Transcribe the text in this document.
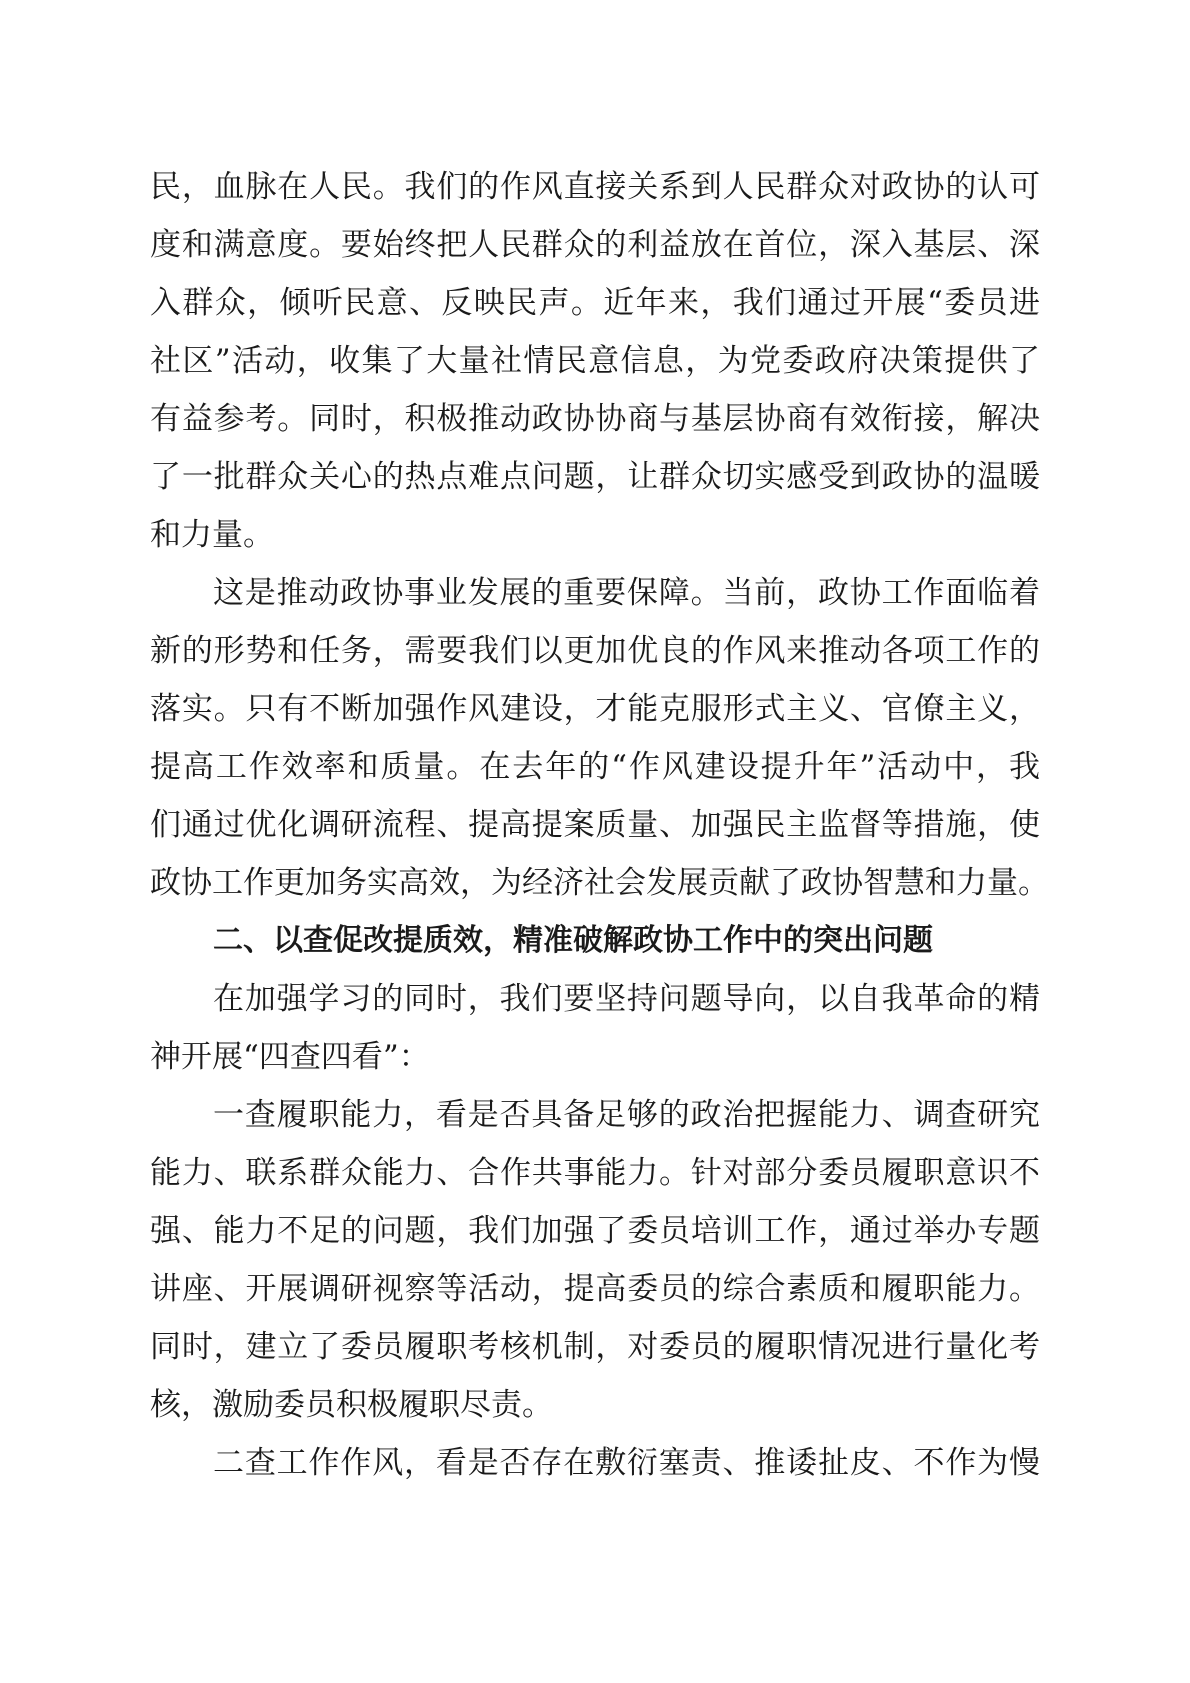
民，血脉在人民。我们的作风直接关系到人民群众对政协的认可
度和满意度。要始终把人民群众的利益放在首位，深入基层、深
入群众，倾听民意、反映民声。近年来，我们通过开展“委员进
社区”活动，收集了大量社情民意信息，为党委政府决策提供了
有益参考。同时，积极推动政协协商与基层协商有效衔接，解决
了一批群众关心的热点难点问题，让群众切实感受到政协的温暖
和力量。
这是推动政协事业发展的重要保障。当前，政协工作面临着
新的形势和任务，需要我们以更加优良的作风来推动各项工作的
落实。只有不断加强作风建设，才能克服形式主义、官僚主义，
提高工作效率和质量。在去年的“作风建设提升年”活动中，我
们通过优化调研流程、提高提案质量、加强民主监督等措施，使
政协工作更加务实高效，为经济社会发展贡献了政协智慧和力量。
二、以查促改提质效，精准破解政协工作中的突出问题
在加强学习的同时，我们要坚持问题导向，以自我革命的精
神开展“四查四看”：
一查履职能力，看是否具备足够的政治把握能力、调查研究
能力、联系群众能力、合作共事能力。针对部分委员履职意识不
强、能力不足的问题，我们加强了委员培训工作，通过举办专题
讲座、开展调研视察等活动，提高委员的综合素质和履职能力。
同时，建立了委员履职考核机制，对委员的履职情况进行量化考
核，激励委员积极履职尽责。
二查工作作风，看是否存在敷衍塞责、推诿扯皮、不作为慢
